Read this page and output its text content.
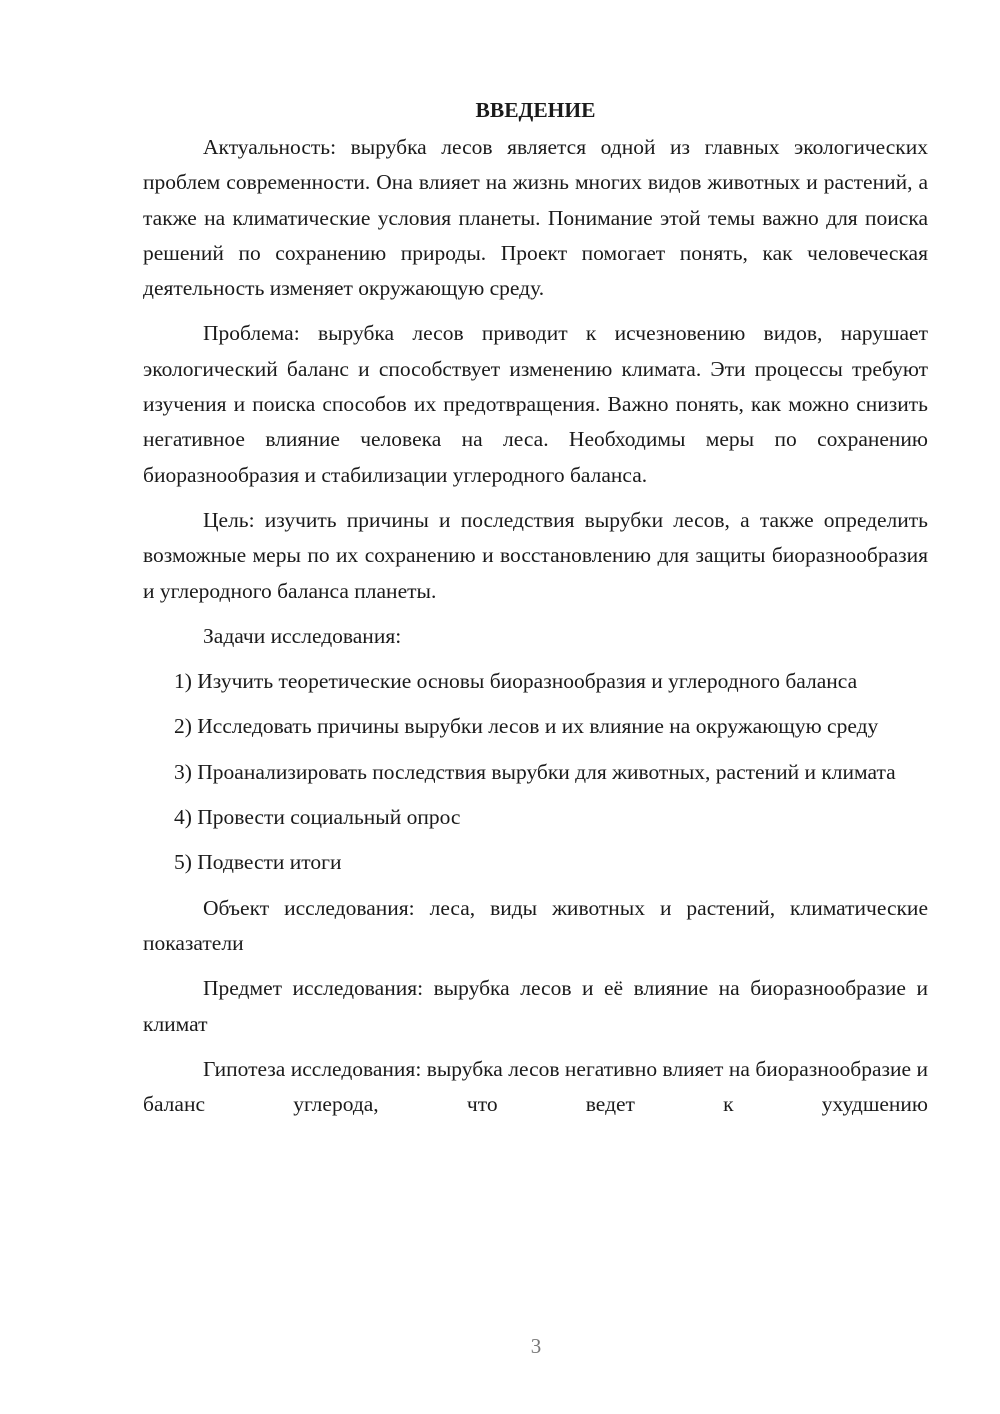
ВВЕДЕНИЕ

Актуальность: вырубка лесов является одной из главных экологических проблем современности. Она влияет на жизнь многих видов животных и растений, а также на климатические условия планеты. Понимание этой темы важно для поиска решений по сохранению природы. Проект помогает понять, как человеческая деятельность изменяет окружающую среду.

Проблема: вырубка лесов приводит к исчезновению видов, нарушает экологический баланс и способствует изменению климата. Эти процессы требуют изучения и поиска способов их предотвращения. Важно понять, как можно снизить негативное влияние человека на леса. Необходимы меры по сохранению биоразнообразия и стабилизации углеродного баланса.

Цель: изучить причины и последствия вырубки лесов, а также определить возможные меры по их сохранению и восстановлению для защиты биоразнообразия и углеродного баланса планеты.

Задачи исследования:

1) Изучить теоретические основы биоразнообразия и углеродного баланса

2) Исследовать причины вырубки лесов и их влияние на окружающую среду

3) Проанализировать последствия вырубки для животных, растений и климата

4) Провести социальный опрос

5) Подвести итоги

Объект исследования: леса, виды животных и растений, климатические показатели

Предмет исследования: вырубка лесов и её влияние на биоразнообразие и климат

Гипотеза исследования: вырубка лесов негативно влияет на биоразнообразие и баланс углерода, что ведет к ухудшению

3
